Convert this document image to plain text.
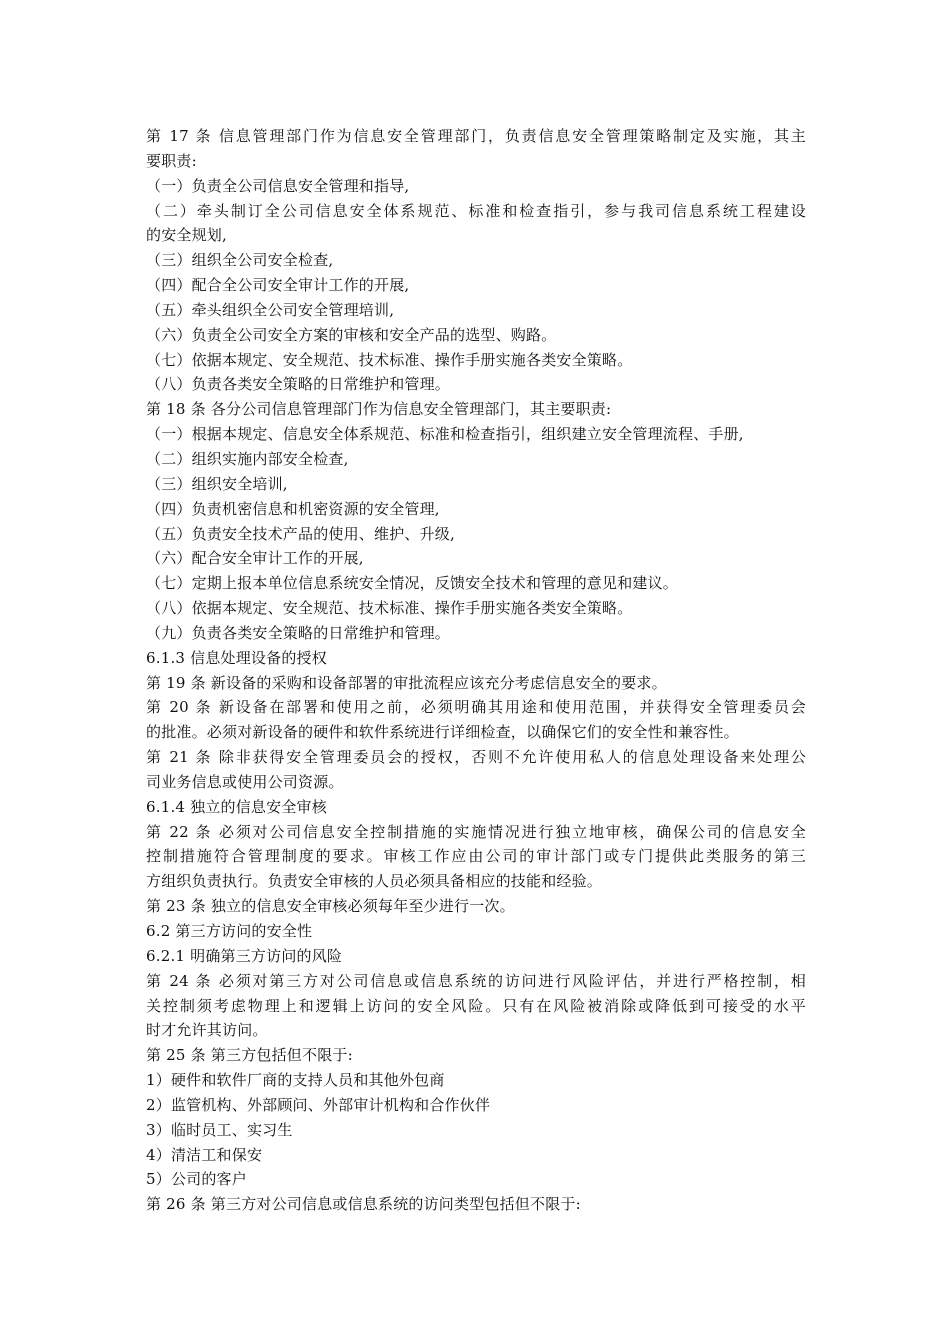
第 17 条 信息管理部门作为信息安全管理部门，负责信息安全管理策略制定及实施，其主
要职责:
（一）负责全公司信息安全管理和指导,
（二）牵头制订全公司信息安全体系规范、标准和检查指引，参与我司信息系统工程建设
的安全规划,
（三）组织全公司安全检查,
（四）配合全公司安全审计工作的开展,
（五）牵头组织全公司安全管理培训,
（六）负责全公司安全方案的审核和安全产品的选型、购路。
（七）依据本规定、安全规范、技术标准、操作手册实施各类安全策略。
（八）负责各类安全策略的日常维护和管理。
第 18 条 各分公司信息管理部门作为信息安全管理部门，其主要职责:
（一）根据本规定、信息安全体系规范、标准和检查指引，组织建立安全管理流程、手册,
（二）组织实施内部安全检查,
（三）组织安全培训,
（四）负责机密信息和机密资源的安全管理,
（五）负责安全技术产品的使用、维护、升级,
（六）配合安全审计工作的开展,
（七）定期上报本单位信息系统安全情况，反馈安全技术和管理的意见和建议。
（八）依据本规定、安全规范、技术标准、操作手册实施各类安全策略。
（九）负责各类安全策略的日常维护和管理。
6.1.3 信息处理设备的授权
第 19 条 新设备的采购和设备部署的审批流程应该充分考虑信息安全的要求。
第 20 条 新设备在部署和使用之前，必须明确其用途和使用范围，并获得安全管理委员会
的批准。必须对新设备的硬件和软件系统进行详细检查，以确保它们的安全性和兼容性。
第 21 条 除非获得安全管理委员会的授权，否则不允许使用私人的信息处理设备来处理公
司业务信息或使用公司资源。
6.1.4 独立的信息安全审核
第 22 条 必须对公司信息安全控制措施的实施情况进行独立地审核，确保公司的信息安全
控制措施符合管理制度的要求。审核工作应由公司的审计部门或专门提供此类服务的第三
方组织负责执行。负责安全审核的人员必须具备相应的技能和经验。
第 23 条 独立的信息安全审核必须每年至少进行一次。
6.2 第三方访问的安全性
6.2.1 明确第三方访问的风险
第 24 条 必须对第三方对公司信息或信息系统的访问进行风险评估，并进行严格控制，相
关控制须考虑物理上和逻辑上访问的安全风险。只有在风险被消除或降低到可接受的水平
时才允许其访问。
第 25 条 第三方包括但不限于:
1）硬件和软件厂商的支持人员和其他外包商
2）监管机构、外部顾问、外部审计机构和合作伙伴
3）临时员工、实习生
4）清洁工和保安
5）公司的客户
第 26 条 第三方对公司信息或信息系统的访问类型包括但不限于:
